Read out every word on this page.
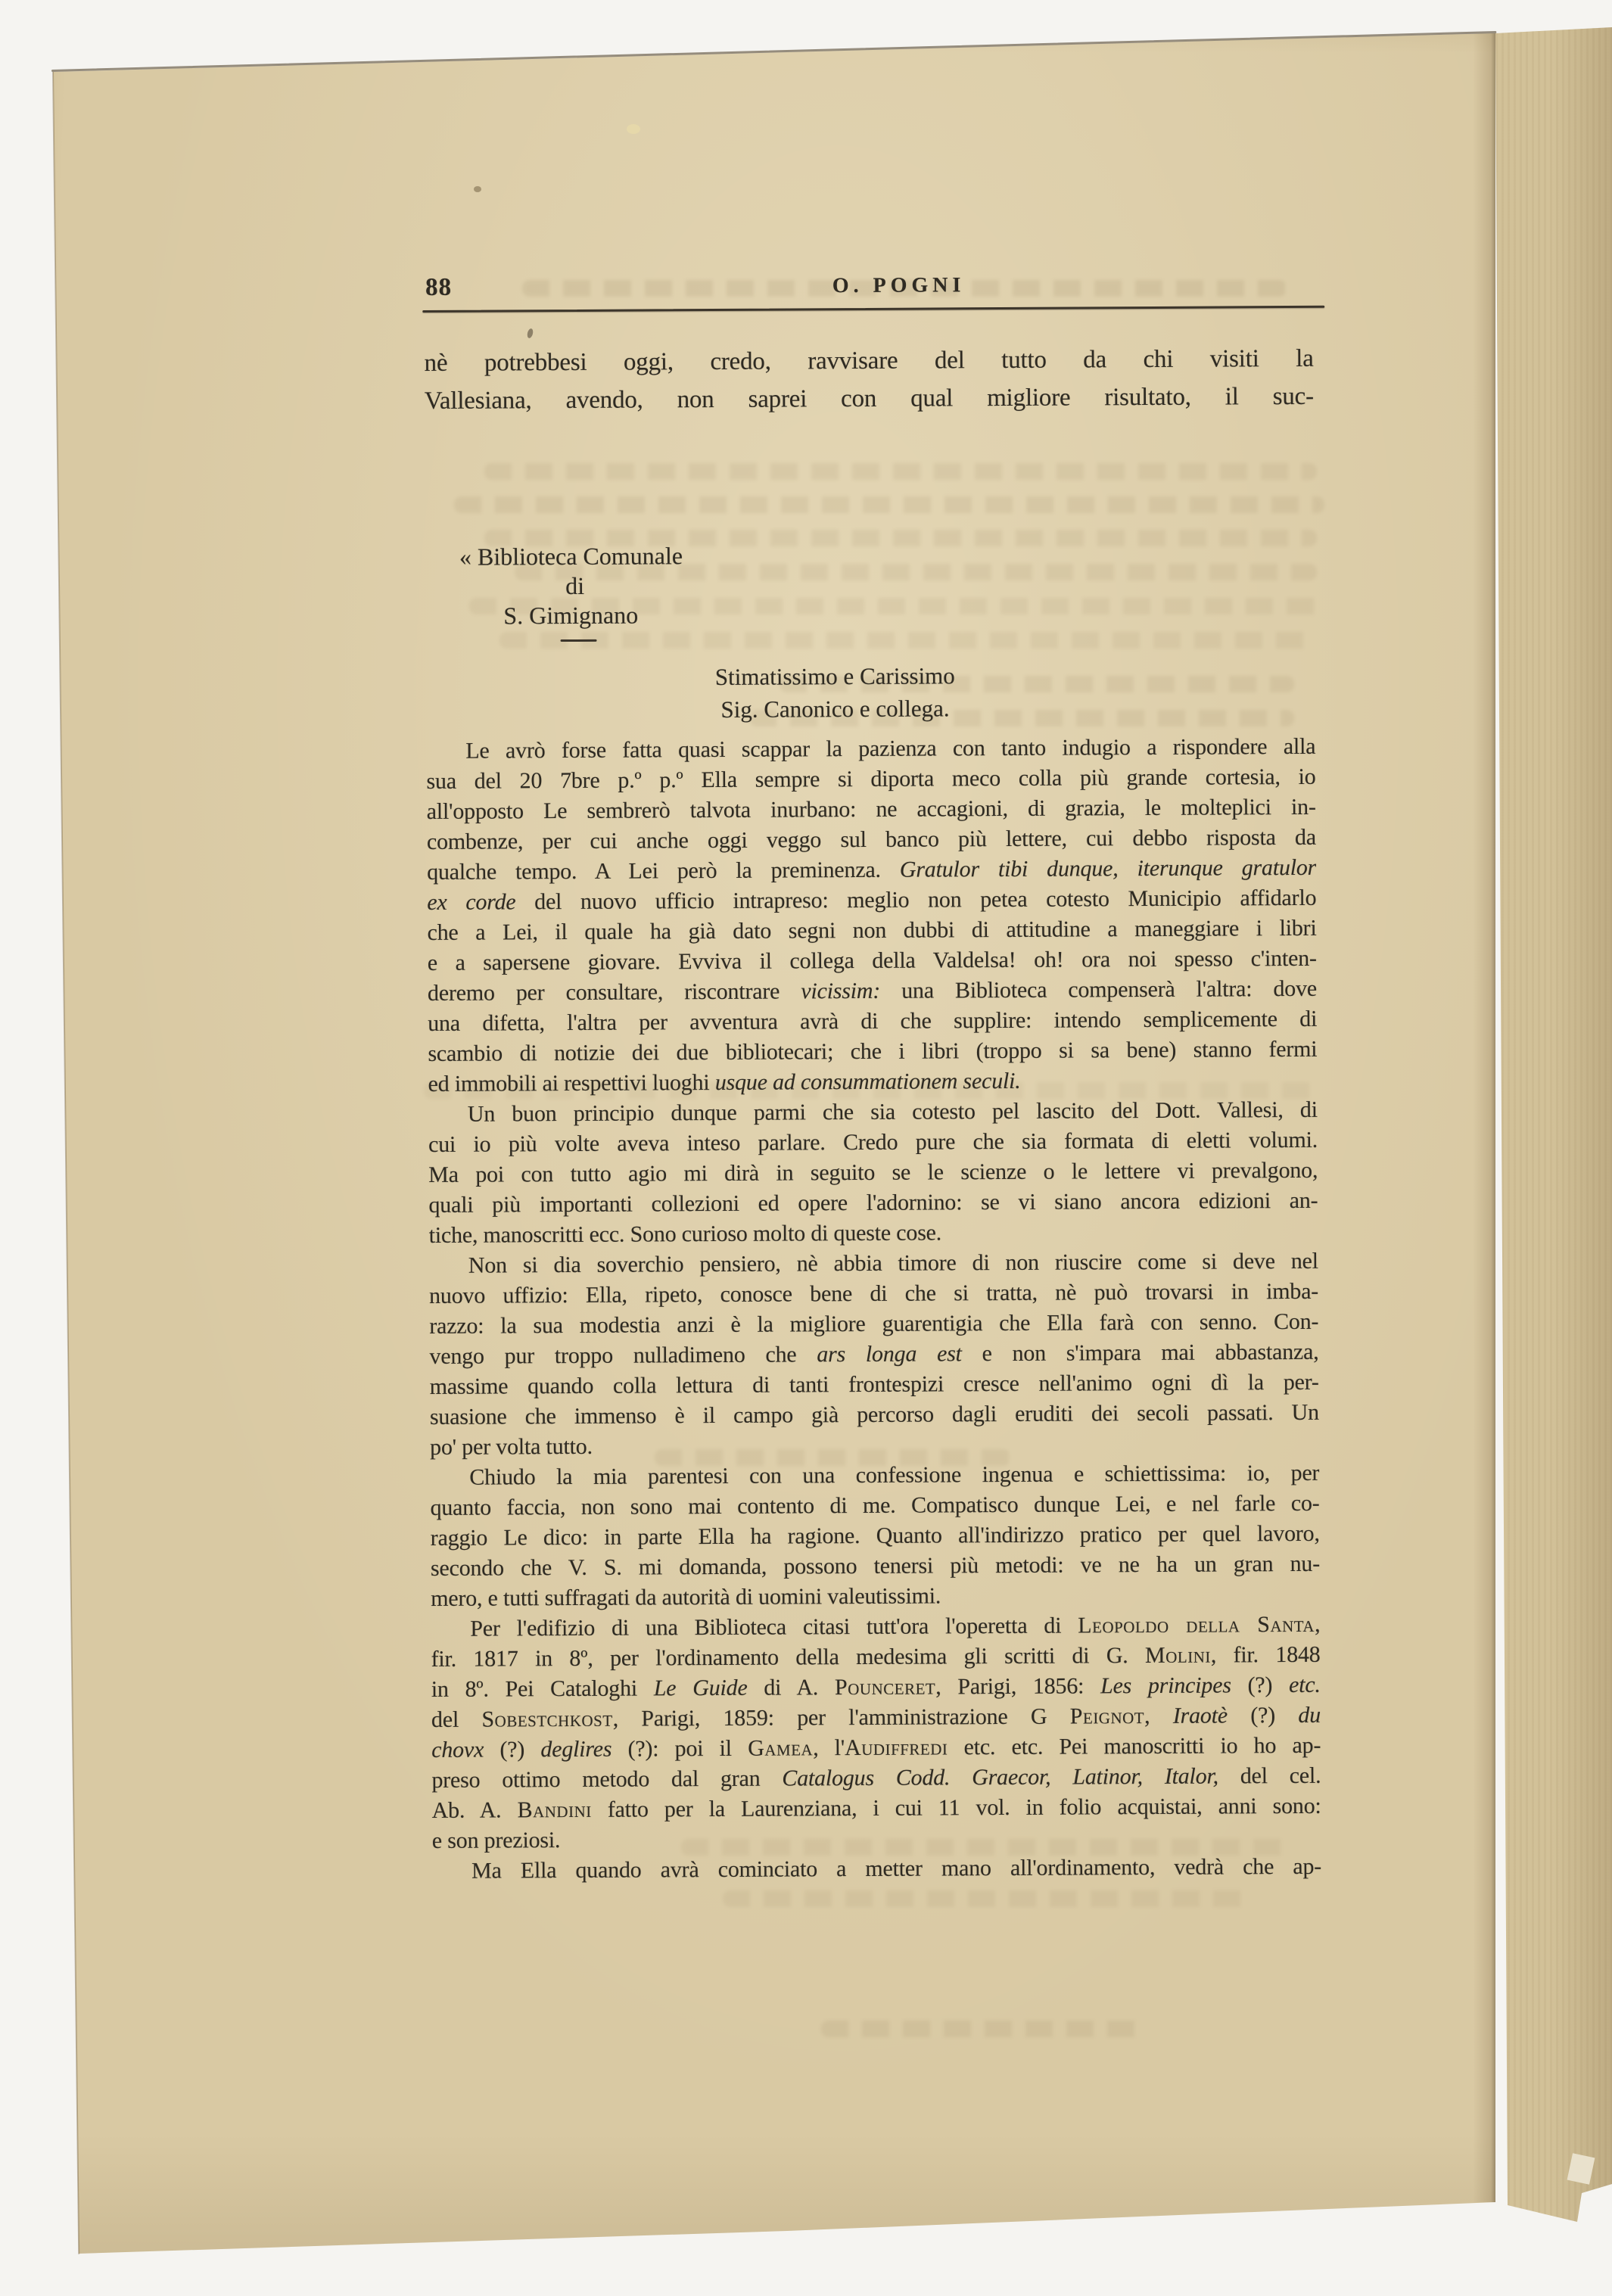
88	O. POGNI
nè potrebbesi oggi, credo, ravvisare del tutto da chi visiti la
Vallesiana, avendo, non saprei con qual migliore risultato, il suc-
« Biblioteca Comunale
di
S. Gimignano
Stimatissimo e Carissimo
Sig. Canonico e collega.
Le avrò forse fatta quasi scappar la pazienza con tanto indugio a rispondere alla
sua del 20 7bre p.º p.º Ella sempre si diporta meco colla più grande cortesia, io
all'opposto Le sembrerò talvota inurbano: ne accagioni, di grazia, le molteplici in-
combenze, per cui anche oggi veggo sul banco più lettere, cui debbo risposta da
qualche tempo. A Lei però la preminenza. Gratulor tibi dunque, iterunque gratulor
ex corde del nuovo ufficio intrapreso: meglio non petea cotesto Municipio affidarlo
che a Lei, il quale ha già dato segni non dubbi di attitudine a maneggiare i libri
e a sapersene giovare. Evviva il collega della Valdelsa! oh! ora noi spesso c'inten-
deremo per consultare, riscontrare vicissim: una Biblioteca compenserà l'altra: dove
una difetta, l'altra per avventura avrà di che supplire: intendo semplicemente di
scambio di notizie dei due bibliotecari; che i libri (troppo si sa bene) stanno fermi
ed immobili ai respettivi luoghi usque ad consummationem seculi.
Un buon principio dunque parmi che sia cotesto pel lascito del Dott. Vallesi, di
cui io più volte aveva inteso parlare. Credo pure che sia formata di eletti volumi.
Ma poi con tutto agio mi dirà in seguito se le scienze o le lettere vi prevalgono,
quali più importanti collezioni ed opere l'adornino: se vi siano ancora edizioni an-
tiche, manoscritti ecc. Sono curioso molto di queste cose.
Non si dia soverchio pensiero, nè abbia timore di non riuscire come si deve nel
nuovo uffizio: Ella, ripeto, conosce bene di che si tratta, nè può trovarsi in imba-
razzo: la sua modestia anzi è la migliore guarentigia che Ella farà con senno. Con-
vengo pur troppo nulladimeno che ars longa est e non s'impara mai abbastanza,
massime quando colla lettura di tanti frontespizi cresce nell'animo ogni dì la per-
suasione che immenso è il campo già percorso dagli eruditi dei secoli passati. Un
po' per volta tutto.
Chiudo la mia parentesi con una confessione ingenua e schiettissima: io, per
quanto faccia, non sono mai contento di me. Compatisco dunque Lei, e nel farle co-
raggio Le dico: in parte Ella ha ragione. Quanto all'indirizzo pratico per quel lavoro,
secondo che V. S. mi domanda, possono tenersi più metodi: ve ne ha un gran nu-
mero, e tutti suffragati da autorità di uomini valeutissimi.
Per l'edifizio di una Biblioteca citasi tutt'ora l'operetta di Leopoldo della Santa,
fir. 1817 in 8º, per l'ordinamento della medesima gli scritti di G. Molini, fir. 1848
in 8º. Pei Cataloghi Le Guide di A. Pounceret, Parigi, 1856: Les principes (?) etc.
del Sobestchkost, Parigi, 1859: per l'amministrazione G Peignot, Iraotè (?) du
chovx (?) deglires (?): poi il Gamea, l'Audiffredi etc. etc. Pei manoscritti io ho ap-
preso ottimo metodo dal gran Catalogus Codd. Graecor, Latinor, Italor, del cel.
Ab. A. Bandini fatto per la Laurenziana, i cui 11 vol. in folio acquistai, anni sono:
e son preziosi.
Ma Ella quando avrà cominciato a metter mano all'ordinamento, vedrà che ap-
